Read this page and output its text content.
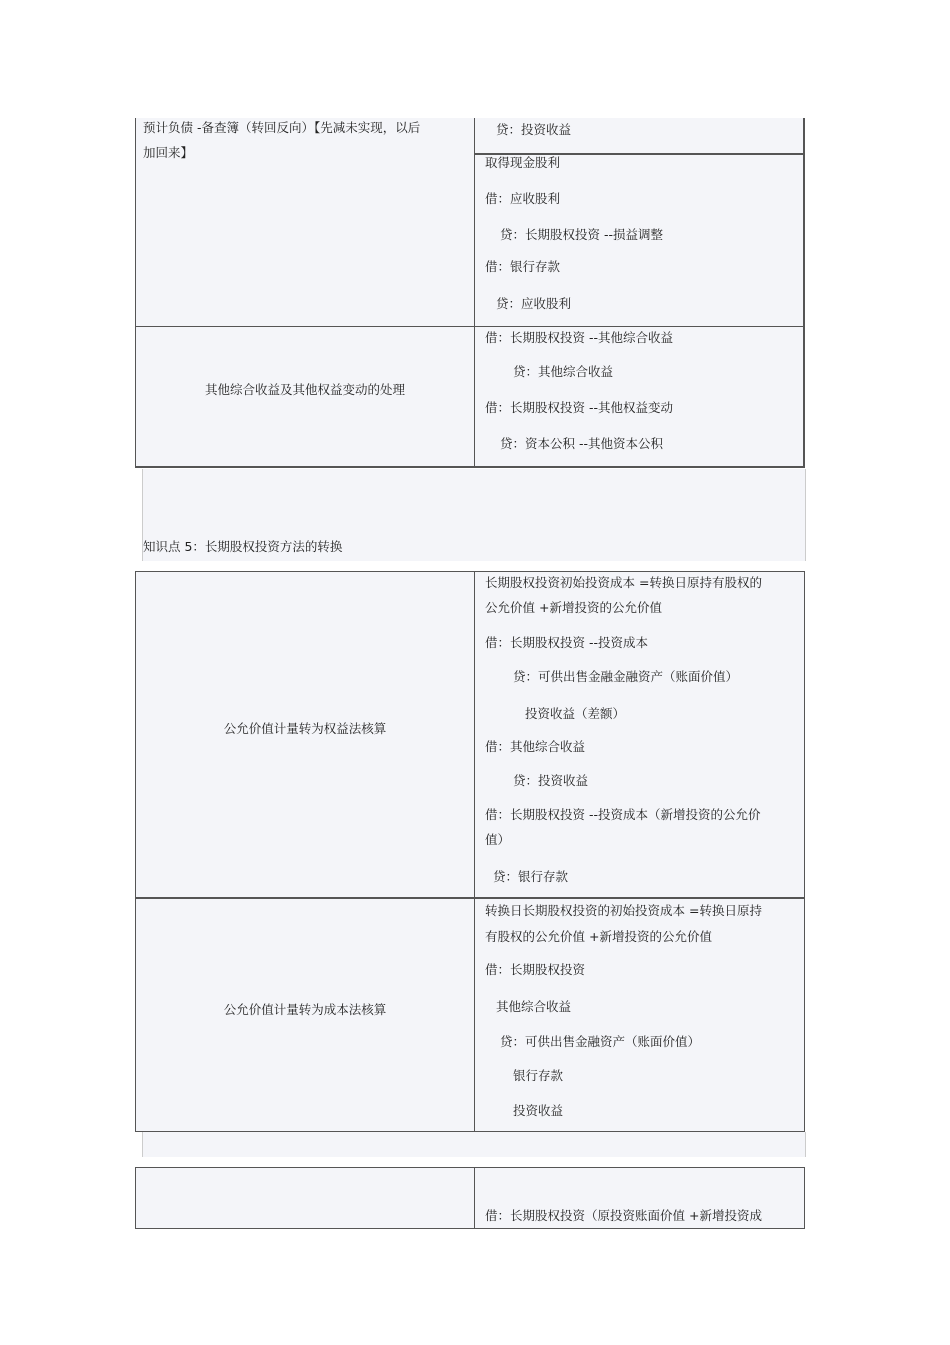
预计负债 -备查簿（转回反向）【先减未实现，以后
加回来】
贷：投资收益
取得现金股利
借：应收股利
贷：长期股权投资 --损益调整
借：银行存款
贷：应收股利
其他综合收益及其他权益变动的处理
借：长期股权投资 --其他综合收益
贷：其他综合收益
借：长期股权投资 --其他权益变动
贷：资本公积 --其他资本公积
知识点 5：长期股权投资方法的转换
公允价值计量转为权益法核算
长期股权投资初始投资成本 =转换日原持有股权的
公允价值 +新增投资的公允价值
借：长期股权投资 --投资成本
贷：可供出售金融金融资产（账面价值）
投资收益（差额）
借：其他综合收益
贷：投资收益
借：长期股权投资 --投资成本（新增投资的公允价
值）
贷：银行存款
公允价值计量转为成本法核算
转换日长期股权投资的初始投资成本 =转换日原持
有股权的公允价值 +新增投资的公允价值
借：长期股权投资
其他综合收益
贷：可供出售金融资产（账面价值）
银行存款
投资收益
借：长期股权投资（原投资账面价值 +新增投资成
